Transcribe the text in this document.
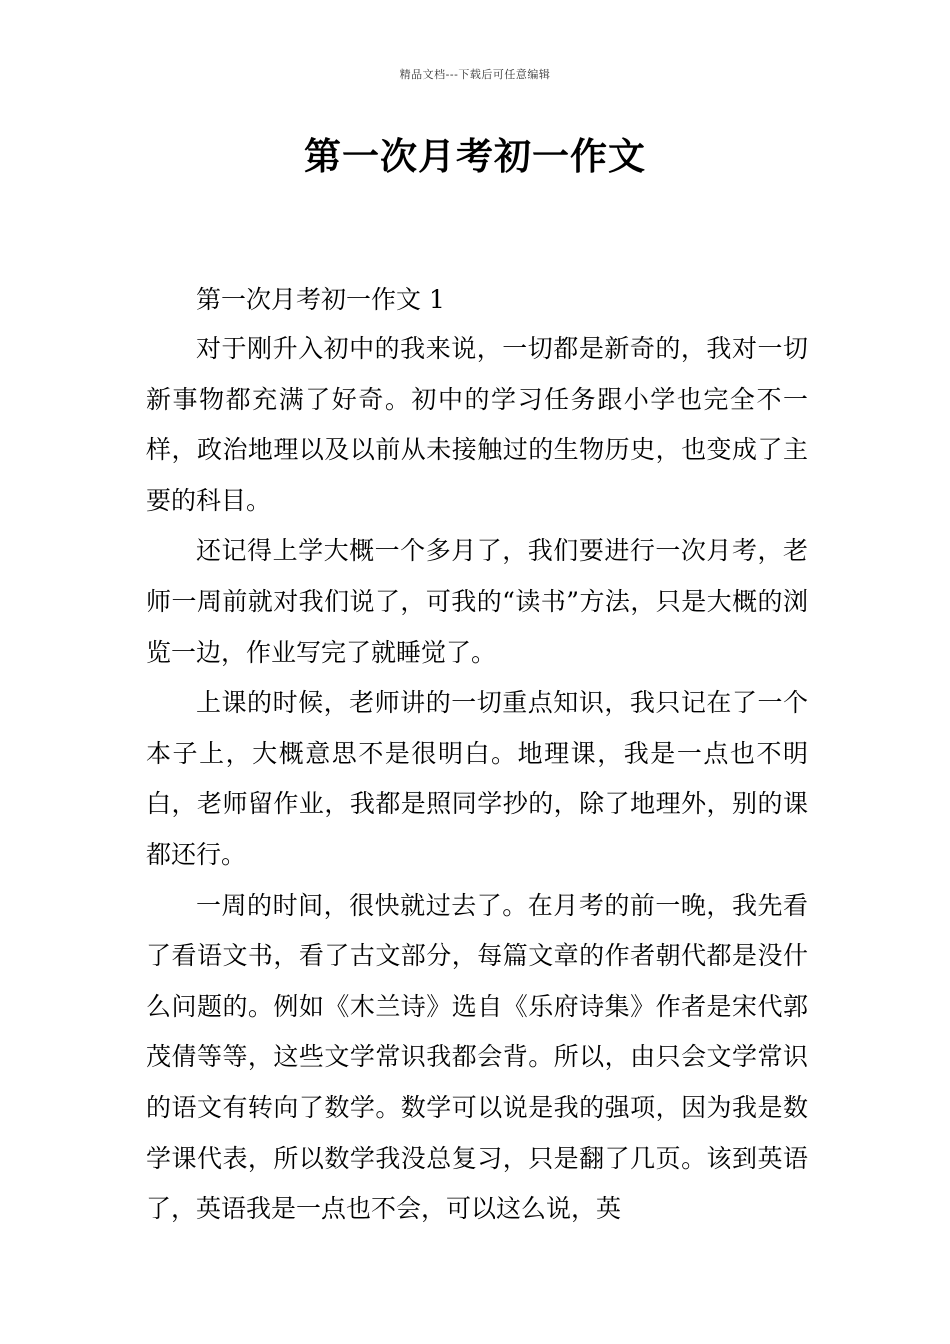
精品文档---下载后可任意编辑
第一次月考初一作文

第一次月考初一作文 1

对于刚升入初中的我来说，一切都是新奇的，我对一切新事物都充满了好奇。初中的学习任务跟小学也完全不一样，政治地理以及以前从未接触过的生物历史，也变成了主要的科目。

还记得上学大概一个多月了，我们要进行一次月考，老师一周前就对我们说了，可我的“读书”方法，只是大概的浏览一边，作业写完了就睡觉了。

上课的时候，老师讲的一切重点知识，我只记在了一个本子上，大概意思不是很明白。地理课，我是一点也不明白，老师留作业，我都是照同学抄的，除了地理外，别的课都还行。

一周的时间，很快就过去了。在月考的前一晚，我先看了看语文书，看了古文部分，每篇文章的作者朝代都是没什么问题的。例如《木兰诗》选自《乐府诗集》作者是宋代郭茂倩等等，这些文学常识我都会背。所以，由只会文学常识的语文有转向了数学。数学可以说是我的强项，因为我是数学课代表，所以数学我没总复习，只是翻了几页。该到英语了，英语我是一点也不会，可以这么说，英
